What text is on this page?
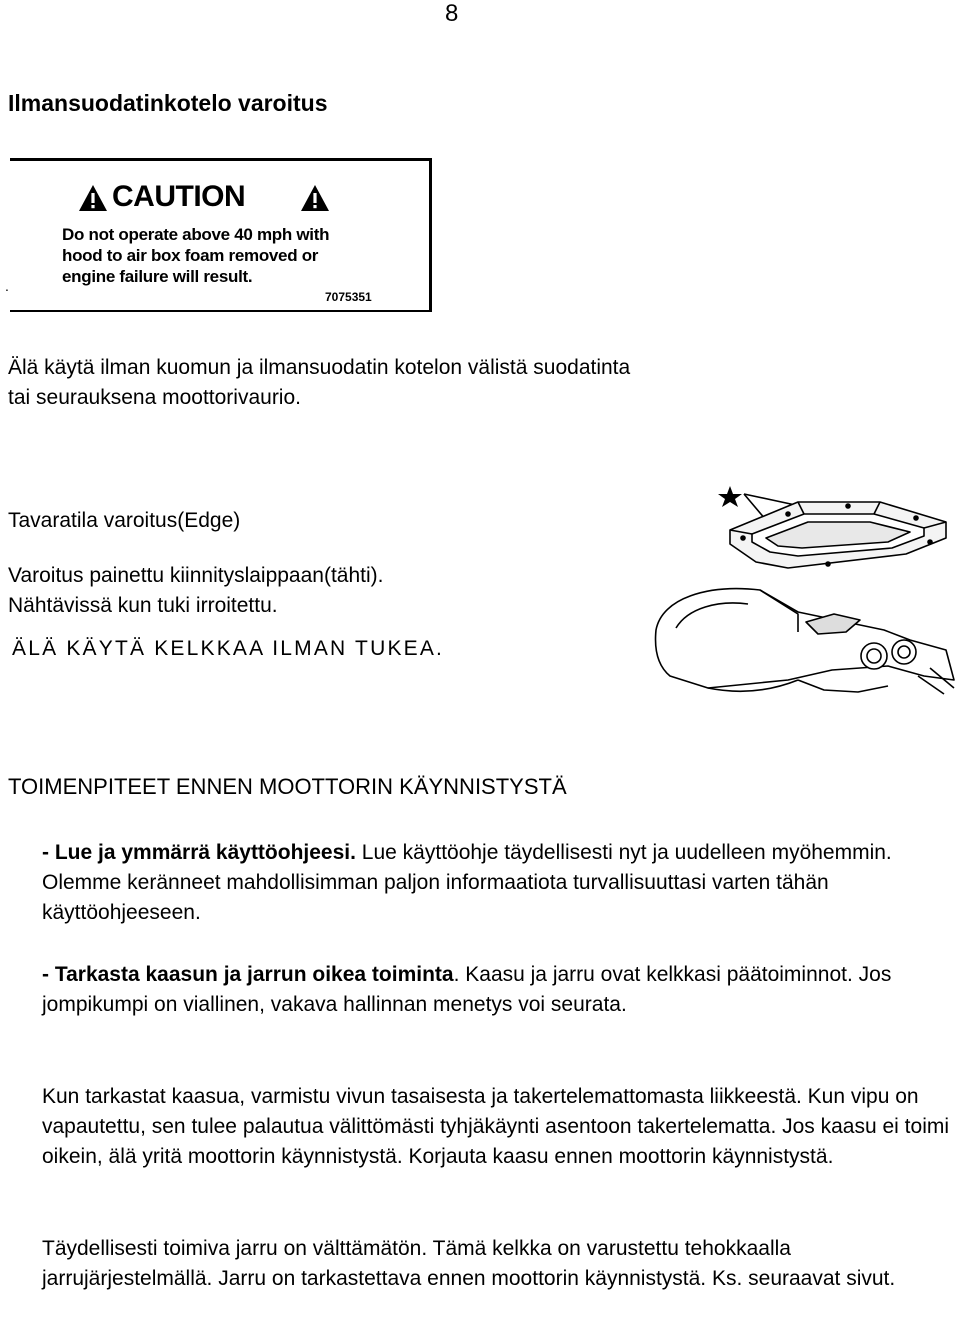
8
Ilmansuodatinkotelo varoitus
.
CAUTION
Do not operate above 40 mph with
hood to air box foam removed or
engine failure will result.
7075351
Älä käytä ilman kuomun ja ilmansuodatin kotelon välistä suodatinta
tai seurauksena moottorivaurio.
Tavaratila varoitus(Edge)
Varoitus painettu kiinnityslaippaan(tähti).
Nähtävissä kun tuki irroitettu.
ÄLÄ KÄYTÄ KELKKAA ILMAN TUKEA.
TOIMENPITEET ENNEN MOOTTORIN KÄYNNISTYSTÄ
- Lue ja ymmärrä käyttöohjeesi. Lue käyttöohje täydellisesti nyt ja uudelleen myöhemmin. Olemme keränneet mahdollisimman paljon informaatiota turvallisuuttasi varten tähän käyttöohjeeseen.
- Tarkasta kaasun ja jarrun oikea toiminta. Kaasu ja jarru ovat kelkkasi päätoiminnot. Jos jompikumpi on viallinen, vakava hallinnan menetys voi seurata.
Kun tarkastat kaasua, varmistu vivun tasaisesta ja takertelemattomasta liikkeestä. Kun vipu on vapautettu, sen tulee palautua välittömästi tyhjäkäynti asentoon takertelematta. Jos kaasu ei toimi oikein, älä yritä moottorin käynnistystä. Korjauta kaasu ennen moottorin käynnistystä.
Täydellisesti toimiva jarru on välttämätön. Tämä kelkka on varustettu tehokkaalla jarrujärjestelmällä. Jarru on tarkastettava ennen moottorin käynnistystä. Ks. seuraavat sivut.
